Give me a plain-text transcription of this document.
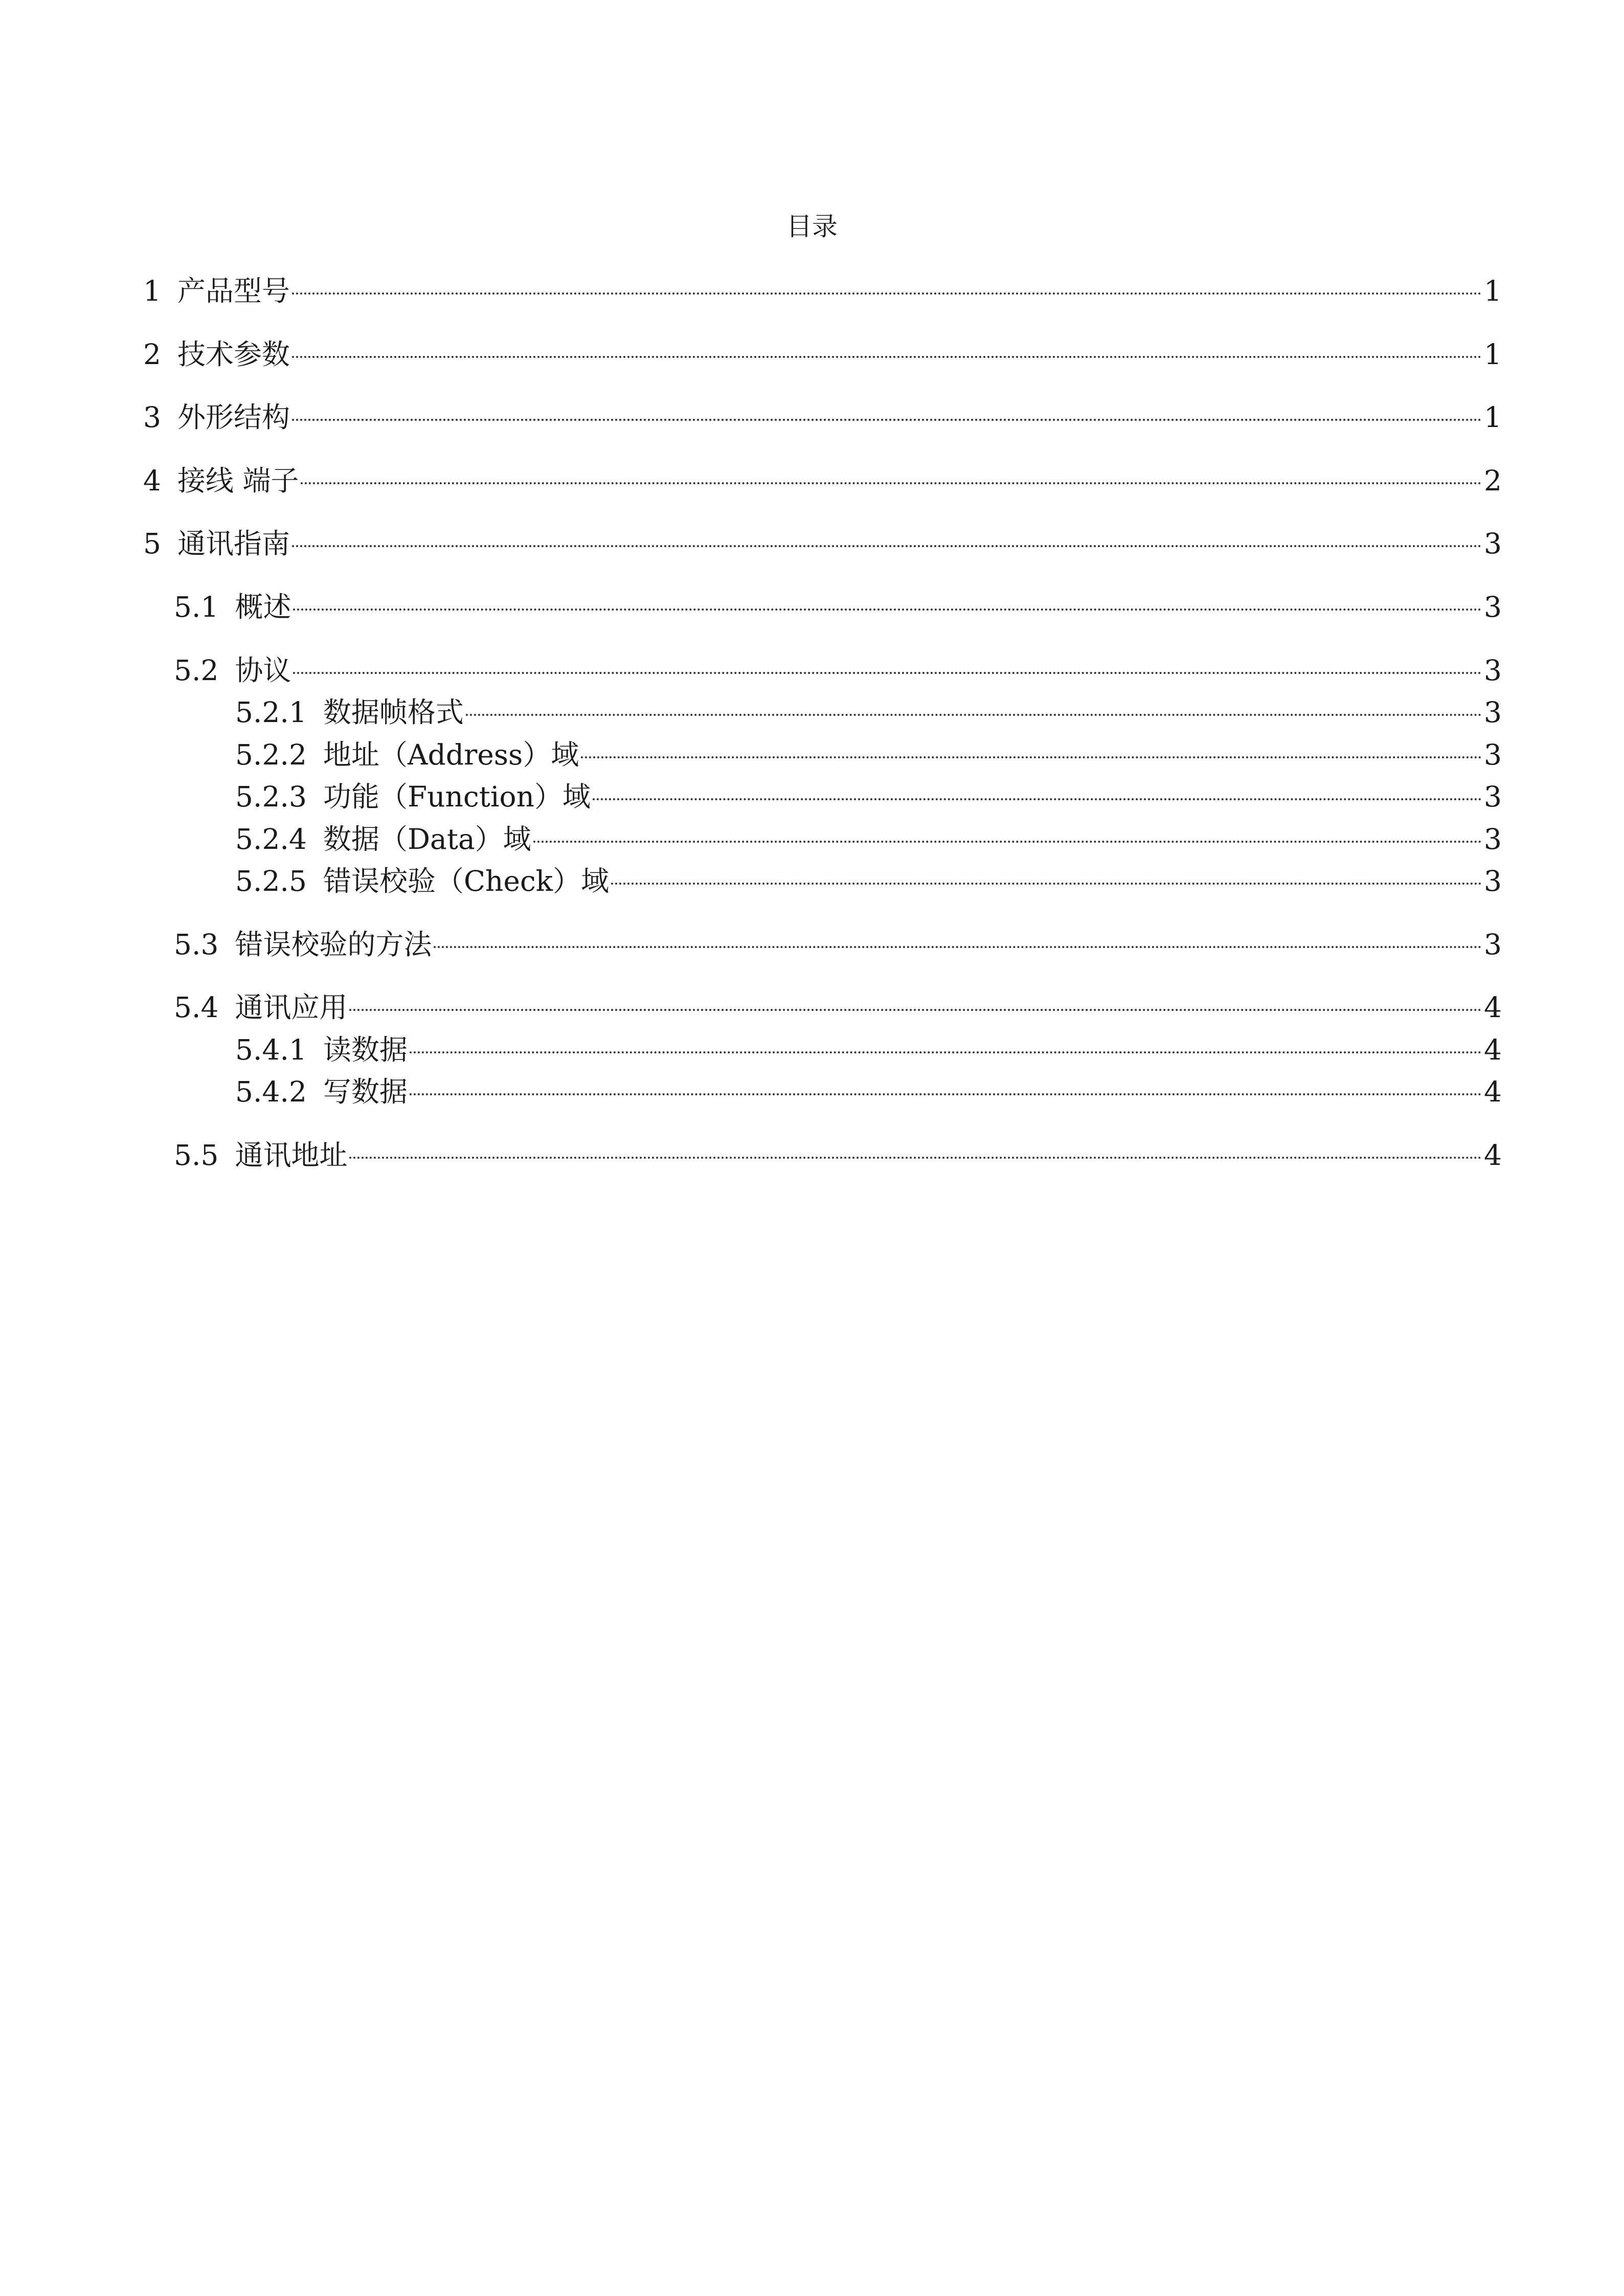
目录
1 产品型号	1
2 技术参数	1
3 外形结构	1
4 接线 端子	2
5 通讯指南	3
5.1 概述	3
5.2 协议	3
5.2.1 数据帧格式	3
5.2.2 地址（Address）域	3
5.2.3 功能（Function）域	3
5.2.4 数据（Data）域	3
5.2.5 错误校验（Check）域	3
5.3 错误校验的方法	3
5.4 通讯应用	4
5.4.1 读数据	4
5.4.2 写数据	4
5.5 通讯地址	4
